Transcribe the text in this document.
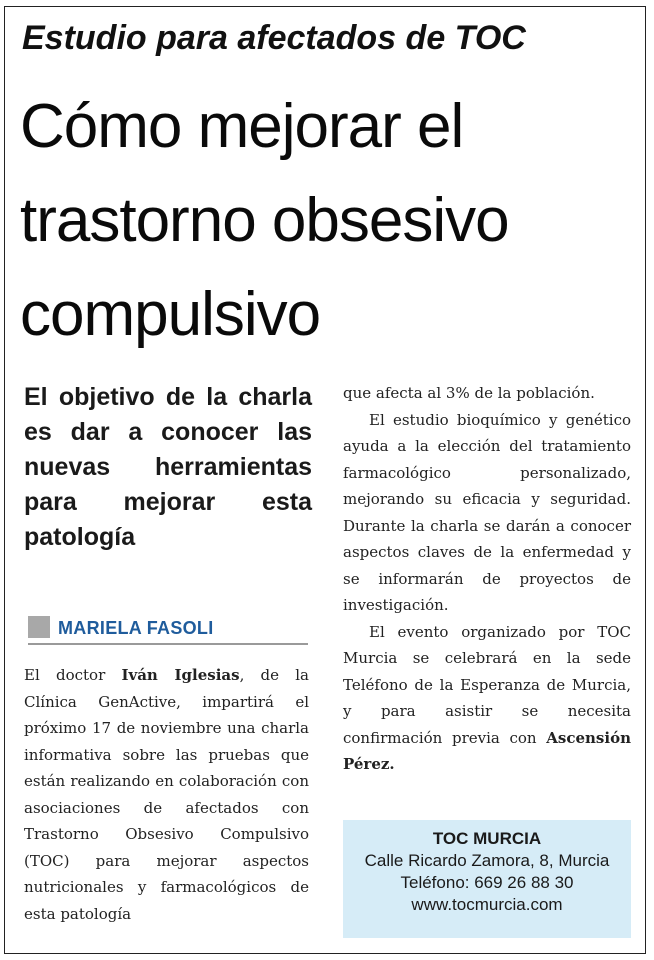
Estudio para afectados de TOC
Cómo mejorar el trastorno obsesivo compulsivo

El objetivo de la charla es dar a conocer las nuevas herramientas para mejorar esta patología

MARIELA FASOLI

El doctor Iván Iglesias, de la Clínica GenActive, impartirá el próximo 17 de noviembre una charla informativa sobre las pruebas que están realizando en colaboración con asociaciones de afectados con Trastorno Obsesivo Compulsivo (TOC) para mejorar aspectos nutricionales y farmacológicos de esta patología

que afecta al 3% de la población.

El estudio bioquímico y genético ayuda a la elección del tratamiento farmacológico personalizado, mejorando su eficacia y seguridad. Durante la charla se darán a conocer aspectos claves de la enfermedad y se informarán de proyectos de investigación.

El evento organizado por TOC Murcia se celebrará en la sede Teléfono de la Esperanza de Murcia, y para asistir se necesita confirmación previa con Ascensión Pérez.

TOC MURCIA
Calle Ricardo Zamora, 8, Murcia
Teléfono: 669 26 88 30
www.tocmurcia.com
